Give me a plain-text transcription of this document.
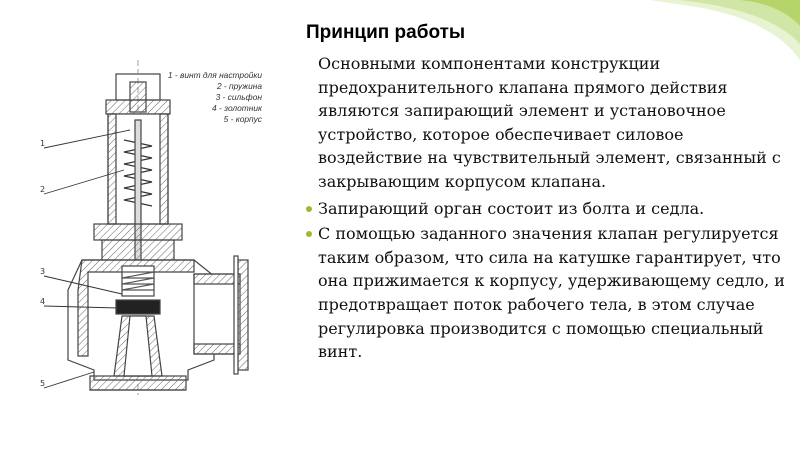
Принцип работы
1
2
3
4
5
1 - винт для настройки
2 - пружина
3 - сильфон
4 - золотник
5 - корпус

Основными компонентами конструкции предохранительного клапана прямого действия являются запирающий элемент и установочное устройство, которое обеспечивает силовое воздействие на чувствительный элемент, связанный с закрывающим корпусом клапана.

Запирающий орган состоит из болта и седла.
С помощью заданного значения клапан регулируется таким образом, что сила на катушке гарантирует, что она прижимается к корпусу, удерживающему седло, и предотвращает поток рабочего тела, в этом случае регулировка производится с помощью специальный винт.
